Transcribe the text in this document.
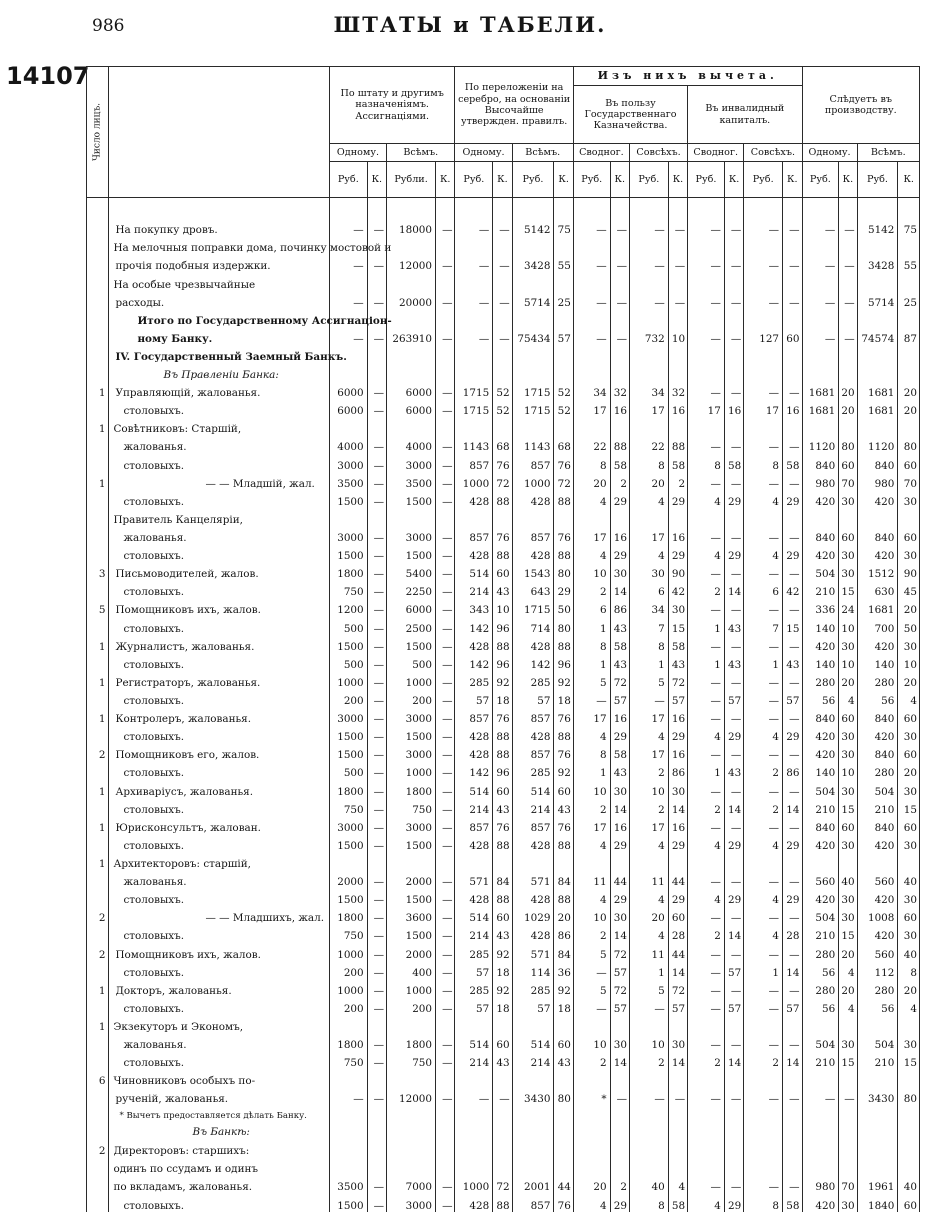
986	ШТАТЫ и ТАБЕЛИ.
14107
Число лицъ.		По штату и другимъ назначеніямъ. Ассигнаціями.				По переложеніи на серебро, на основаніи Высочайше утвержден. правилъ.				Изъ нихъ вычета.
Въ пользу Государственнаго Казначейства.
Въ инвалидный капиталъ.								Слѣдуетъ въ производству.			
		Одному.		Всѣмъ.		Одному.		Всѣмъ.		Сводног.		Совсѣхъ.		Сводног.		Совсѣхъ.		Одному.		Всѣмъ.	
		Руб.	К.	Рубли.	К.	Руб.	К.	Руб.	К.	Руб.	К.	Руб.	К.	Руб.	К.	Руб.	К.	Руб.	К.	Руб.	К.
	На покупку дровъ.	—	—	18000	—	—	—	5142	75	—	—	—	—	—	—	—	—	—	—	5142	75
	На мелочныя поправки дома, починку мостовой и																				
	прочія подобныя издержки.	—	—	12000	—	—	—	3428	55	—	—	—	—	—	—	—	—	—	—	3428	55
	На особые чрезвычайные																				
	расходы.	—	—	20000	—	—	—	5714	25	—	—	—	—	—	—	—	—	—	—	5714	25
	Итого по Государственному Ассигнаціон-																				
	ному Банку.	—	—	263910	—	—	—	75434	57	—	—	732	10	—	—	127	60	—	—	74574	87
	IV. Государственный Заемный Банкъ.																				
	Въ Правленіи Банка:																				
1	Управляющій, жалованья.	6000	—	6000	—	1715	52	1715	52	34	32	34	32	—	—	—	—	1681	20	1681	20
	столовыхъ.	6000	—	6000	—	1715	52	1715	52	17	16	17	16	17	16	17	16	1681	20	1681	20
1	Совѣтниковъ: Старшій,																				
	жалованья.	4000	—	4000	—	1143	68	1143	68	22	88	22	88	—	—	—	—	1120	80	1120	80
	столовыхъ.	3000	—	3000	—	857	76	857	76	8	58	8	58	8	58	8	58	840	60	840	60
1	— — Младшій, жал.	3500	—	3500	—	1000	72	1000	72	20	2	20	2	—	—	—	—	980	70	980	70
	столовыхъ.	1500	—	1500	—	428	88	428	88	4	29	4	29	4	29	4	29	420	30	420	30
	Правитель Канцеляріи,																				
	жалованья.	3000	—	3000	—	857	76	857	76	17	16	17	16	—	—	—	—	840	60	840	60
	столовыхъ.	1500	—	1500	—	428	88	428	88	4	29	4	29	4	29	4	29	420	30	420	30
3	Письмоводителей, жалов.	1800	—	5400	—	514	60	1543	80	10	30	30	90	—	—	—	—	504	30	1512	90
	столовыхъ.	750	—	2250	—	214	43	643	29	2	14	6	42	2	14	6	42	210	15	630	45
5	Помощниковъ ихъ, жалов.	1200	—	6000	—	343	10	1715	50	6	86	34	30	—	—	—	—	336	24	1681	20
	столовыхъ.	500	—	2500	—	142	96	714	80	1	43	7	15	1	43	7	15	140	10	700	50
1	Журналистъ, жалованья.	1500	—	1500	—	428	88	428	88	8	58	8	58	—	—	—	—	420	30	420	30
	столовыхъ.	500	—	500	—	142	96	142	96	1	43	1	43	1	43	1	43	140	10	140	10
1	Регистраторъ, жалованья.	1000	—	1000	—	285	92	285	92	5	72	5	72	—	—	—	—	280	20	280	20
	столовыхъ.	200	—	200	—	57	18	57	18	—	57	—	57	—	57	—	57	56	4	56	4
1	Контролеръ, жалованья.	3000	—	3000	—	857	76	857	76	17	16	17	16	—	—	—	—	840	60	840	60
	столовыхъ.	1500	—	1500	—	428	88	428	88	4	29	4	29	4	29	4	29	420	30	420	30
2	Помощниковъ его, жалов.	1500	—	3000	—	428	88	857	76	8	58	17	16	—	—	—	—	420	30	840	60
	столовыхъ.	500	—	1000	—	142	96	285	92	1	43	2	86	1	43	2	86	140	10	280	20
1	Архиваріусъ, жалованья.	1800	—	1800	—	514	60	514	60	10	30	10	30	—	—	—	—	504	30	504	30
	столовыхъ.	750	—	750	—	214	43	214	43	2	14	2	14	2	14	2	14	210	15	210	15
1	Юрисконсультъ, жалован.	3000	—	3000	—	857	76	857	76	17	16	17	16	—	—	—	—	840	60	840	60
	столовыхъ.	1500	—	1500	—	428	88	428	88	4	29	4	29	4	29	4	29	420	30	420	30
1	Архитекторовъ: старшій,																				
	жалованья.	2000	—	2000	—	571	84	571	84	11	44	11	44	—	—	—	—	560	40	560	40
	столовыхъ.	1500	—	1500	—	428	88	428	88	4	29	4	29	4	29	4	29	420	30	420	30
2	— — Младшихъ, жал.	1800	—	3600	—	514	60	1029	20	10	30	20	60	—	—	—	—	504	30	1008	60
	столовыхъ.	750	—	1500	—	214	43	428	86	2	14	4	28	2	14	4	28	210	15	420	30
2	Помощниковъ ихъ, жалов.	1000	—	2000	—	285	92	571	84	5	72	11	44	—	—	—	—	280	20	560	40
	столовыхъ.	200	—	400	—	57	18	114	36	—	57	1	14	—	57	1	14	56	4	112	8
1	Докторъ, жалованья.	1000	—	1000	—	285	92	285	92	5	72	5	72	—	—	—	—	280	20	280	20
	столовыхъ.	200	—	200	—	57	18	57	18	—	57	—	57	—	57	—	57	56	4	56	4
1	Экзекуторъ и Экономъ,																				
	жалованья.	1800	—	1800	—	514	60	514	60	10	30	10	30	—	—	—	—	504	30	504	30
	столовыхъ.	750	—	750	—	214	43	214	43	2	14	2	14	2	14	2	14	210	15	210	15
6	Чиновниковъ особыхъ по-																				
	рученій, жалованья.	—	—	12000	—	—	—	3430	80	*	—	—	—	—	—	—	—	—	—	3430	80
	* Вычетъ предоставляется дѣлать Банку.																				
	Въ Банкѣ:																				
2	Директоровъ: старшихъ:																				
	одинъ по ссудамъ и одинъ																				
	по вкладамъ, жалованья.	3500	—	7000	—	1000	72	2001	44	20	2	40	4	—	—	—	—	980	70	1961	40
	столовыхъ.	1500	—	3000	—	428	88	857	76	4	29	8	58	4	29	8	58	420	30	1840	60
